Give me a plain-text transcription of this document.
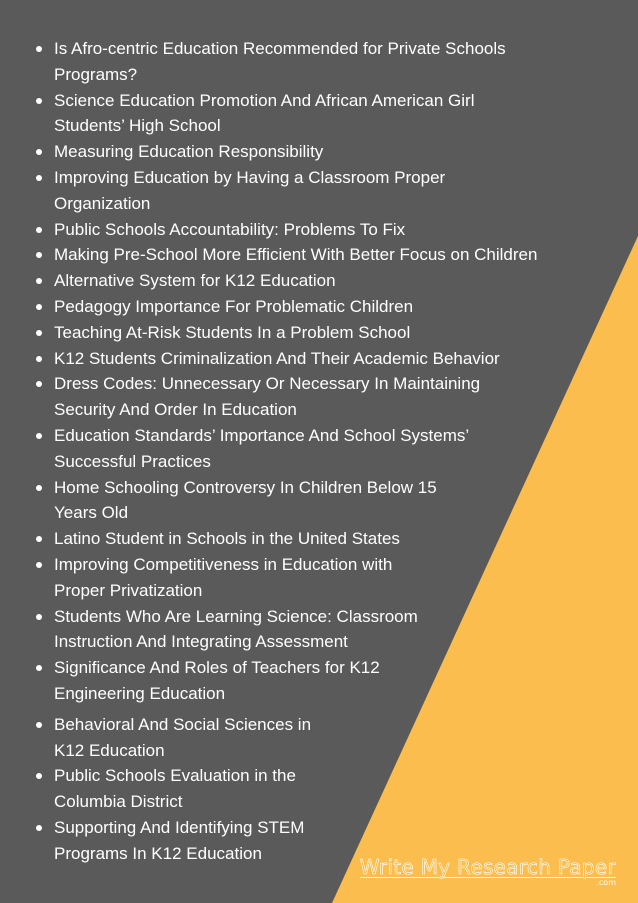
Is Afro-centric Education Recommended for Private Schools
Programs?
Science Education Promotion And African American Girl
Students’ High School
Measuring Education Responsibility
Improving Education by Having a Classroom Proper
Organization
Public Schools Accountability: Problems To Fix
Making Pre-School More Efficient With Better Focus on Children
Alternative System for K12 Education
Pedagogy Importance For Problematic Children
Teaching At-Risk Students In a Problem School
K12 Students Criminalization And Their Academic Behavior
Dress Codes: Unnecessary Or Necessary In Maintaining
Security And Order In Education
Education Standards’ Importance And School Systems’
Successful Practices
Home Schooling Controversy In Children Below 15
Years Old
Latino Student in Schools in the United States
Improving Competitiveness in Education with
Proper Privatization
Students Who Are Learning Science: Classroom
Instruction And Integrating Assessment
Significance And Roles of Teachers for K12
Engineering Education
Behavioral And Social Sciences in
K12 Education
Public Schools Evaluation in the
Columbia District
Supporting And Identifying STEM
Programs In K12 Education
Write My Research Paper
.com
